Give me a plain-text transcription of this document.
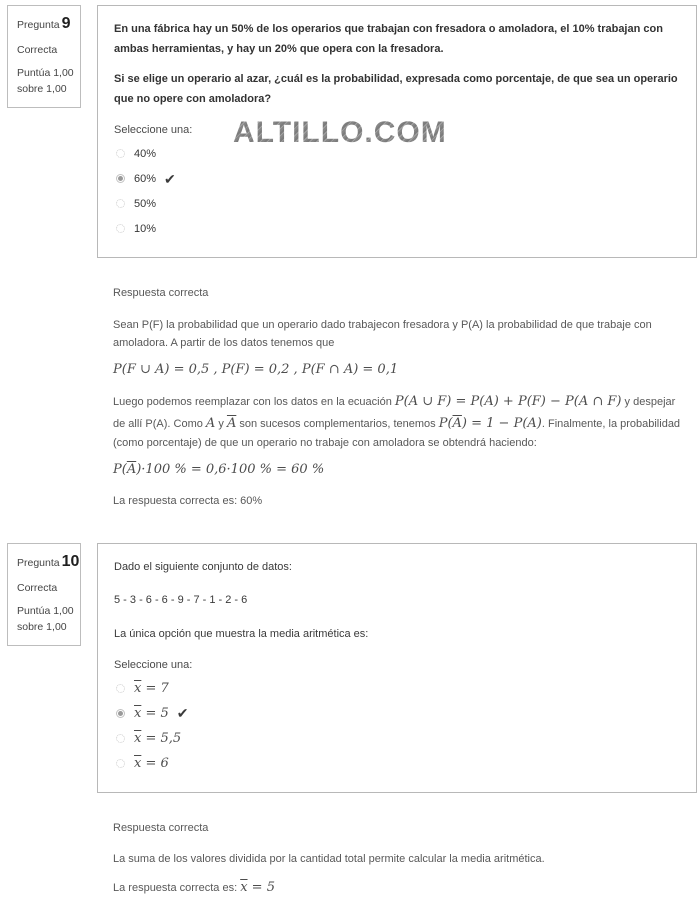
Pregunta 9
Correcta
Puntúa 1,00
sobre 1,00

En una fábrica hay un 50% de los operarios que trabajan con fresadora o amoladora, el 10% trabajan con ambas herramientas, y hay un 20% que opera con la fresadora.

Si se elige un operario al azar, ¿cuál es la probabilidad, expresada como porcentaje, de que sea un operario que no opere con amoladora?

Seleccione una:
40%
60% ✔
50%
10%
ALTILLO.COM
Respuesta correcta

Sean P(F) la probabilidad que un operario dado trabajecon fresadora y P(A) la probabilidad de que trabaje con amoladora. A partir de los datos tenemos que

P(F ∪ A) = 0,5 , P(F) = 0,2 , P(F ∩ A) = 0,1

Luego podemos reemplazar con los datos en la ecuación P(A ∪ F) = P(A) + P(F) − P(A ∩ F) y despejar de allí P(A). Como A y $\overline{A}$ son sucesos complementarios, tenemos $P(\overline{A}) = 1 - P(A)$. Finalmente, la probabilidad (como porcentaje) de que un operario no trabaje con amoladora se obtendrá haciendo:

$P(\overline{A})\cdot 100$ % = 0,6·100 % = 60 %

La respuesta correcta es: 60%

Pregunta 10
Correcta
Puntúa 1,00
sobre 1,00

Dado el siguiente conjunto de datos:

5 - 3 - 6 - 6 - 9 - 7 - 1 - 2 - 6

La única opción que muestra la media aritmética es:

Seleccione una:
$\overline{x} = 7$
$\overline{x} = 5$ ✔
$\overline{x} = 5,5$
$\overline{x} = 6$
Respuesta correcta

La suma de los valores dividida por la cantidad total permite calcular la media aritmética.

La respuesta correcta es: $\overline{x} = 5$
